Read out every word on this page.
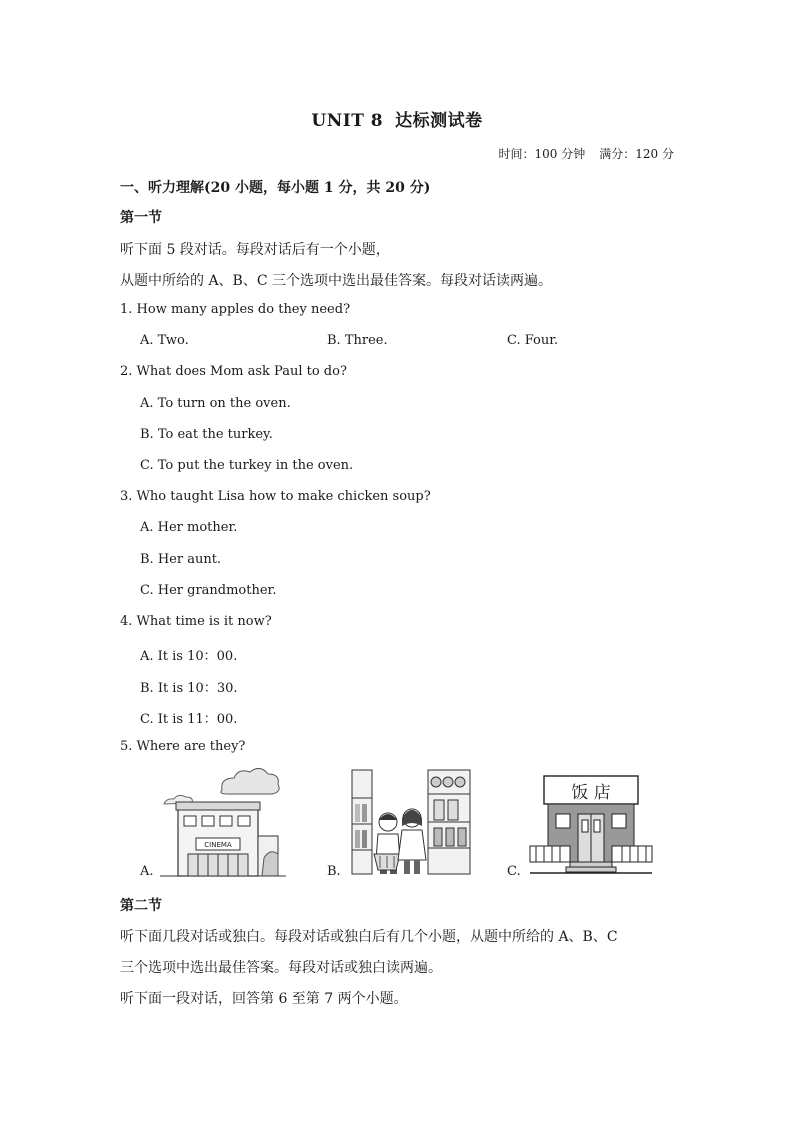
UNIT 8 达标测试卷
时间：100 分钟 满分：120 分
一、听力理解(20 小题，每小题 1 分，共 20 分)
第一节
听下面 5 段对话。每段对话后有一个小题，
从题中所给的 A、B、C 三个选项中选出最佳答案。每段对话读两遍。
1. How many apples do they need?
A. Two.	B. Three.	C. Four.
2. What does Mom ask Paul to do?
A. To turn on the oven.
B. To eat the turkey.
C. To put the turkey in the oven.
3. Who taught Lisa how to make chicken soup?
A. Her mother.
B. Her aunt.
C. Her grandmother.
4. What time is it now?
A. It is 10：00.
B. It is 10：30.
C. It is 11：00.
5. Where are they?
A.	B.	C.
CINEMA
饭 店
第二节
听下面几段对话或独白。每段对话或独白后有几个小题，从题中所给的 A、B、C
三个选项中选出最佳答案。每段对话或独白读两遍。
听下面一段对话，回答第 6 至第 7 两个小题。
